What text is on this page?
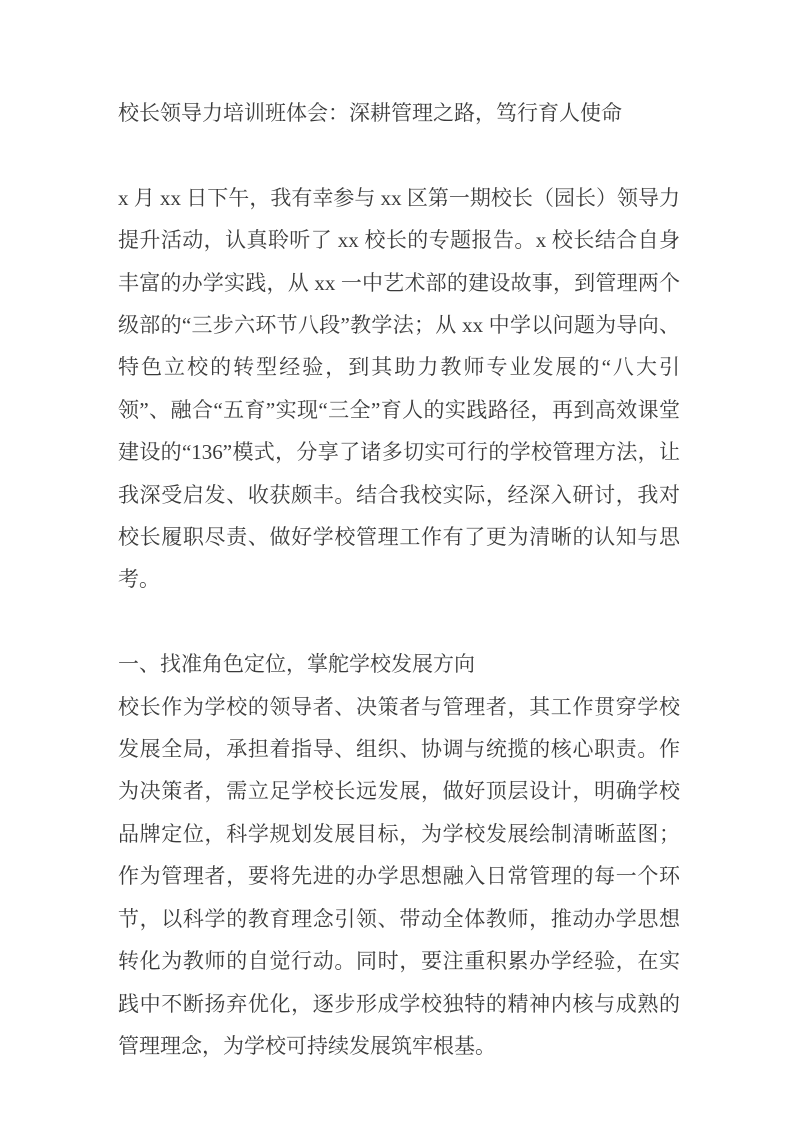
校长领导力培训班体会：深耕管理之路，笃行育人使命

x 月 xx 日下午，我有幸参与 xx 区第一期校长（园长）领导力提升活动，认真聆听了 xx 校长的专题报告。x 校长结合自身丰富的办学实践，从 xx 一中艺术部的建设故事，到管理两个级部的“三步六环节八段”教学法；从 xx 中学以问题为导向、特色立校的转型经验，到其助力教师专业发展的“八大引领”、融合“五育”实现“三全”育人的实践路径，再到高效课堂建设的“136”模式，分享了诸多切实可行的学校管理方法，让我深受启发、收获颇丰。结合我校实际，经深入研讨，我对校长履职尽责、做好学校管理工作有了更为清晰的认知与思考。

一、找准角色定位，掌舵学校发展方向

校长作为学校的领导者、决策者与管理者，其工作贯穿学校发展全局，承担着指导、组织、协调与统揽的核心职责。作为决策者，需立足学校长远发展，做好顶层设计，明确学校品牌定位，科学规划发展目标，为学校发展绘制清晰蓝图；作为管理者，要将先进的办学思想融入日常管理的每一个环节，以科学的教育理念引领、带动全体教师，推动办学思想转化为教师的自觉行动。同时，要注重积累办学经验，在实践中不断扬弃优化，逐步形成学校独特的精神内核与成熟的管理理念，为学校可持续发展筑牢根基。
